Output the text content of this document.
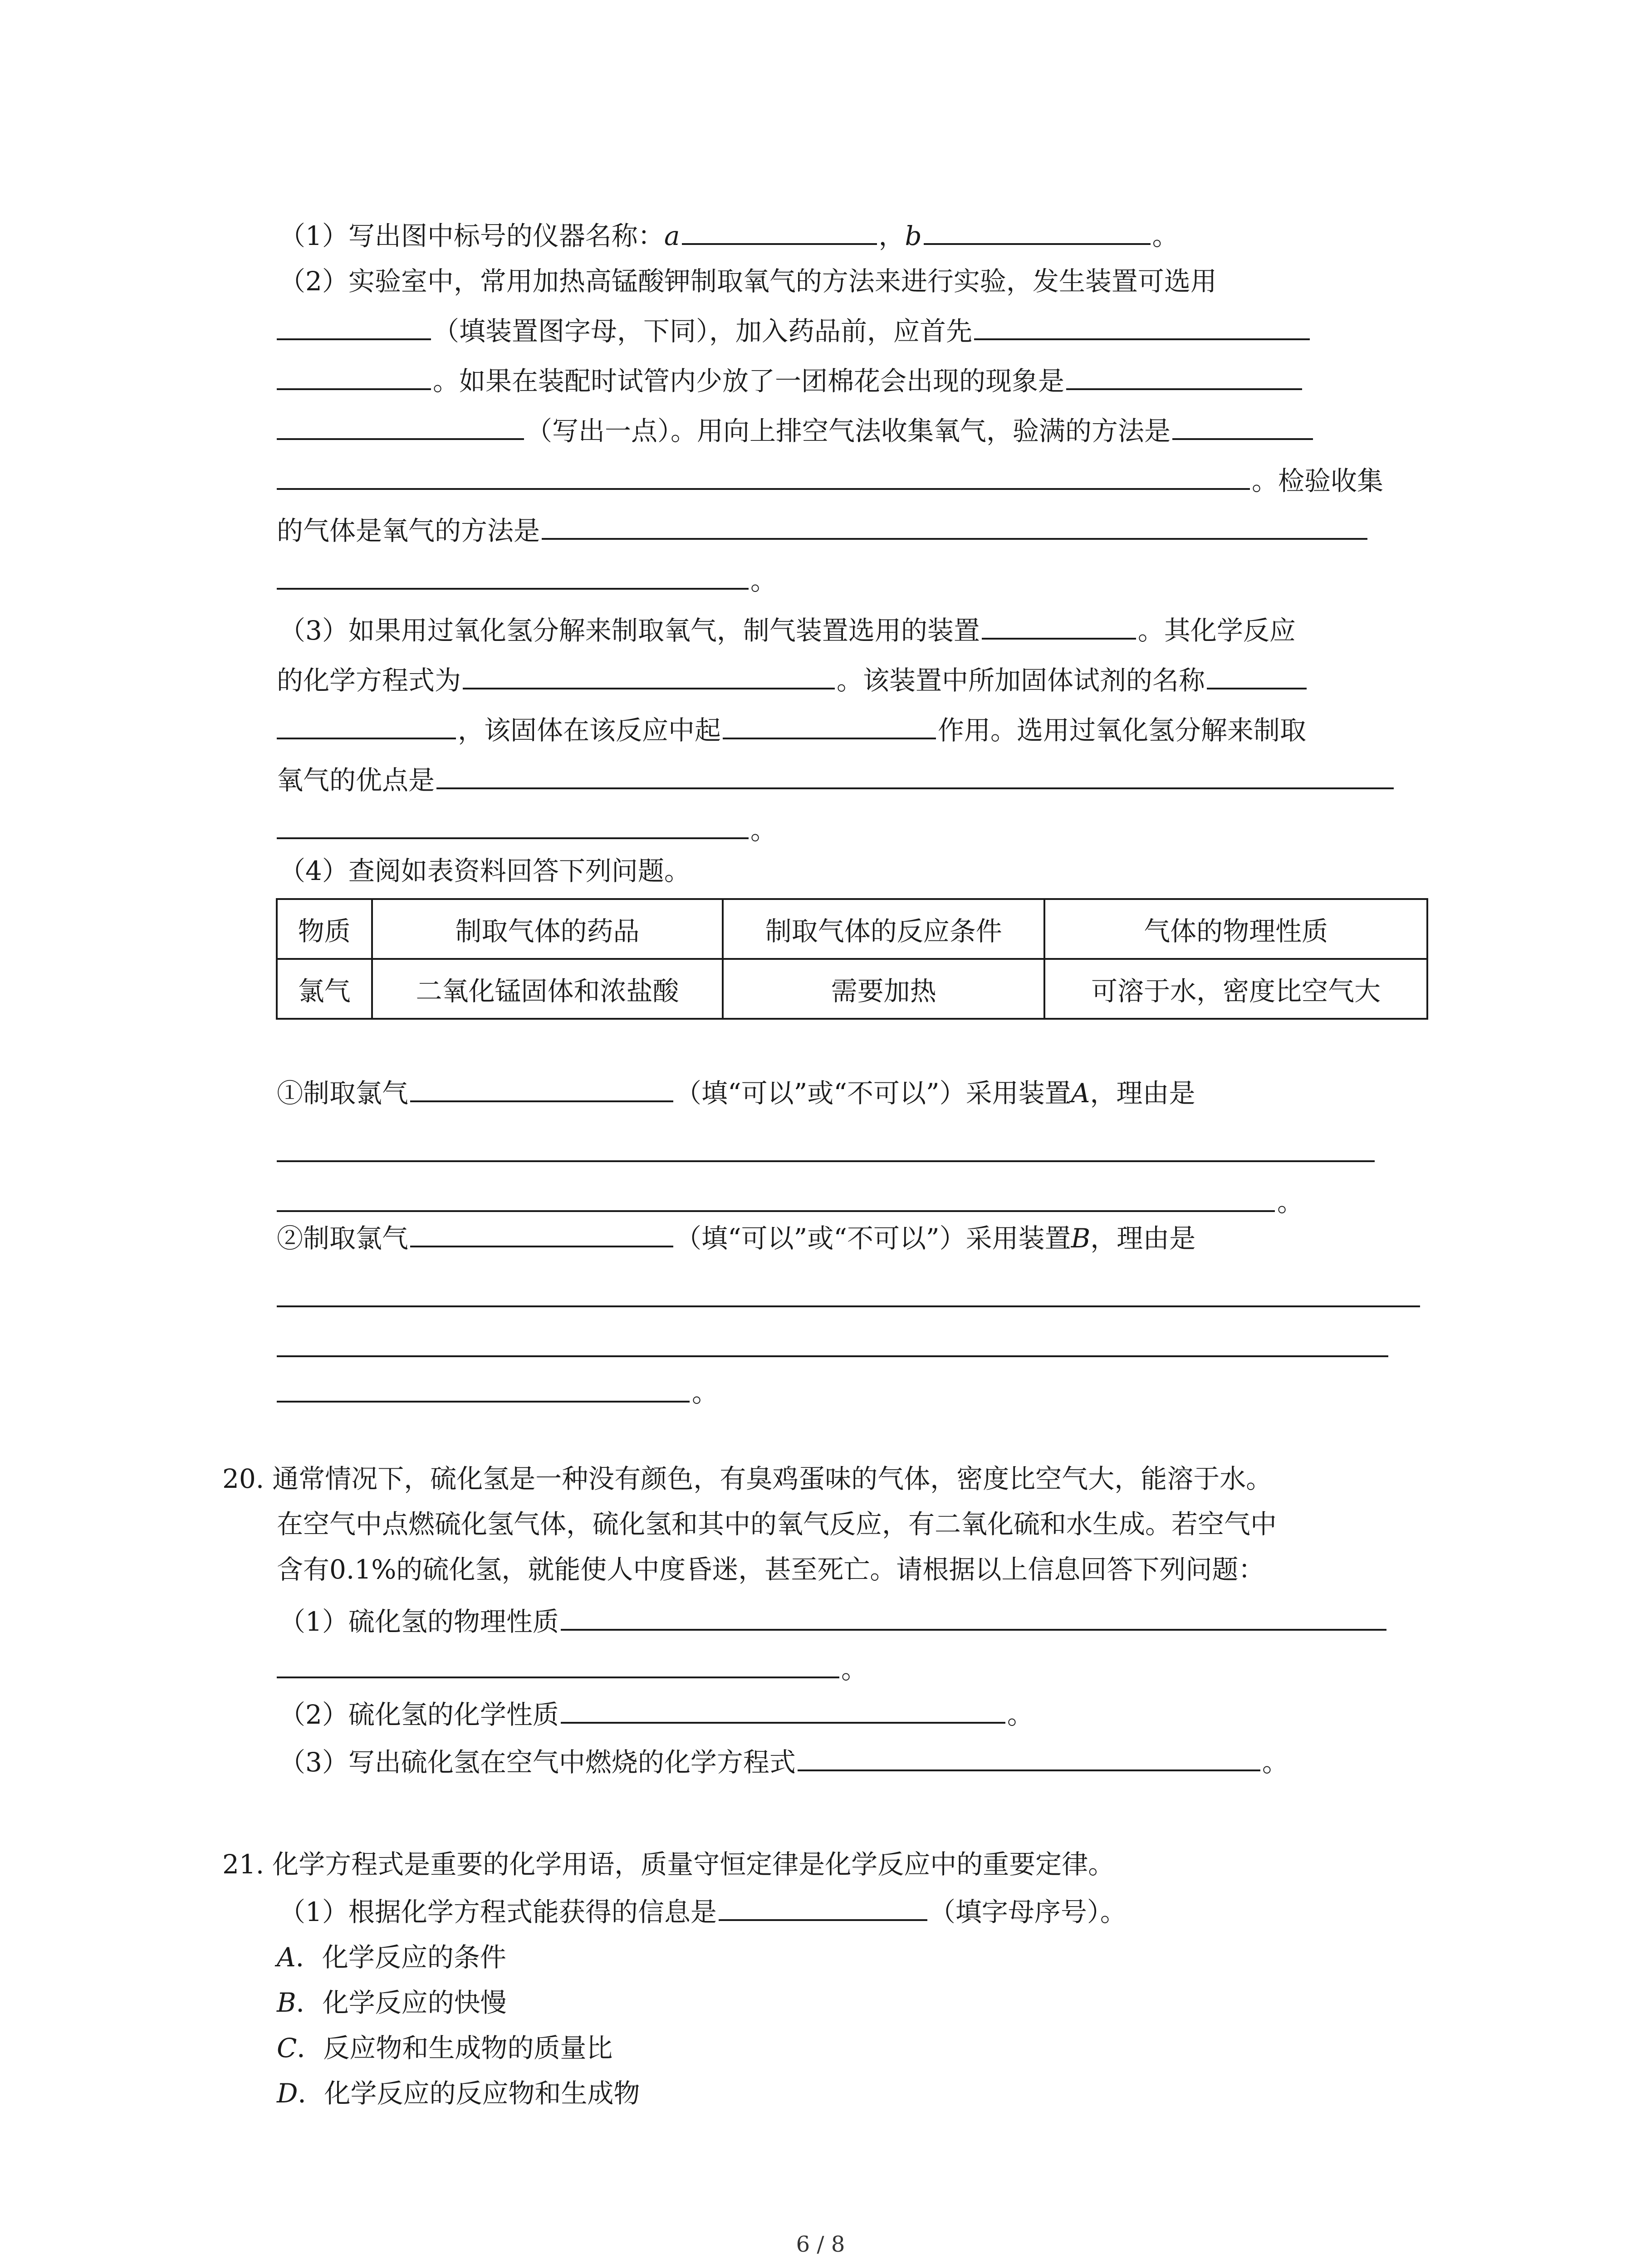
（1）写出图中标号的仪器名称：a	，b	。
（2）实验室中，常用加热高锰酸钾制取氧气的方法来进行实验，发生装置可选用
（填装置图字母，下同），加入药品前，应首先
。如果在装配时试管内少放了一团棉花会出现的现象是
（写出一点）。用向上排空气法收集氧气，验满的方法是
。检验收集
的气体是氧气的方法是
。
（3）如果用过氧化氢分解来制取氧气，制气装置选用的装置	。其化学反应
的化学方程式为	。该装置中所加固体试剂的名称
，该固体在该反应中起	作用。选用过氧化氢分解来制取
氧气的优点是
。
（4）查阅如表资料回答下列问题。
物质	制取气体的药品	制取气体的反应条件	气体的物理性质
氯气	二氧化锰固体和浓盐酸	需要加热	可溶于水，密度比空气大
①制取氯气	（填“可以”或“不可以”）采用装置A，理由是
。
②制取氯气	（填“可以”或“不可以”）采用装置B，理由是
。
20. 通常情况下，硫化氢是一种没有颜色，有臭鸡蛋味的气体，密度比空气大，能溶于水。
在空气中点燃硫化氢气体，硫化氢和其中的氧气反应，有二氧化硫和水生成。若空气中
含有0.1%的硫化氢，就能使人中度昏迷，甚至死亡。请根据以上信息回答下列问题：
（1）硫化氢的物理性质
。
（2）硫化氢的化学性质	。
（3）写出硫化氢在空气中燃烧的化学方程式	。
21. 化学方程式是重要的化学用语，质量守恒定律是化学反应中的重要定律。
（1）根据化学方程式能获得的信息是	（填字母序号）。
A．化学反应的条件
B．化学反应的快慢
C．反应物和生成物的质量比
D．化学反应的反应物和生成物
6 / 8
